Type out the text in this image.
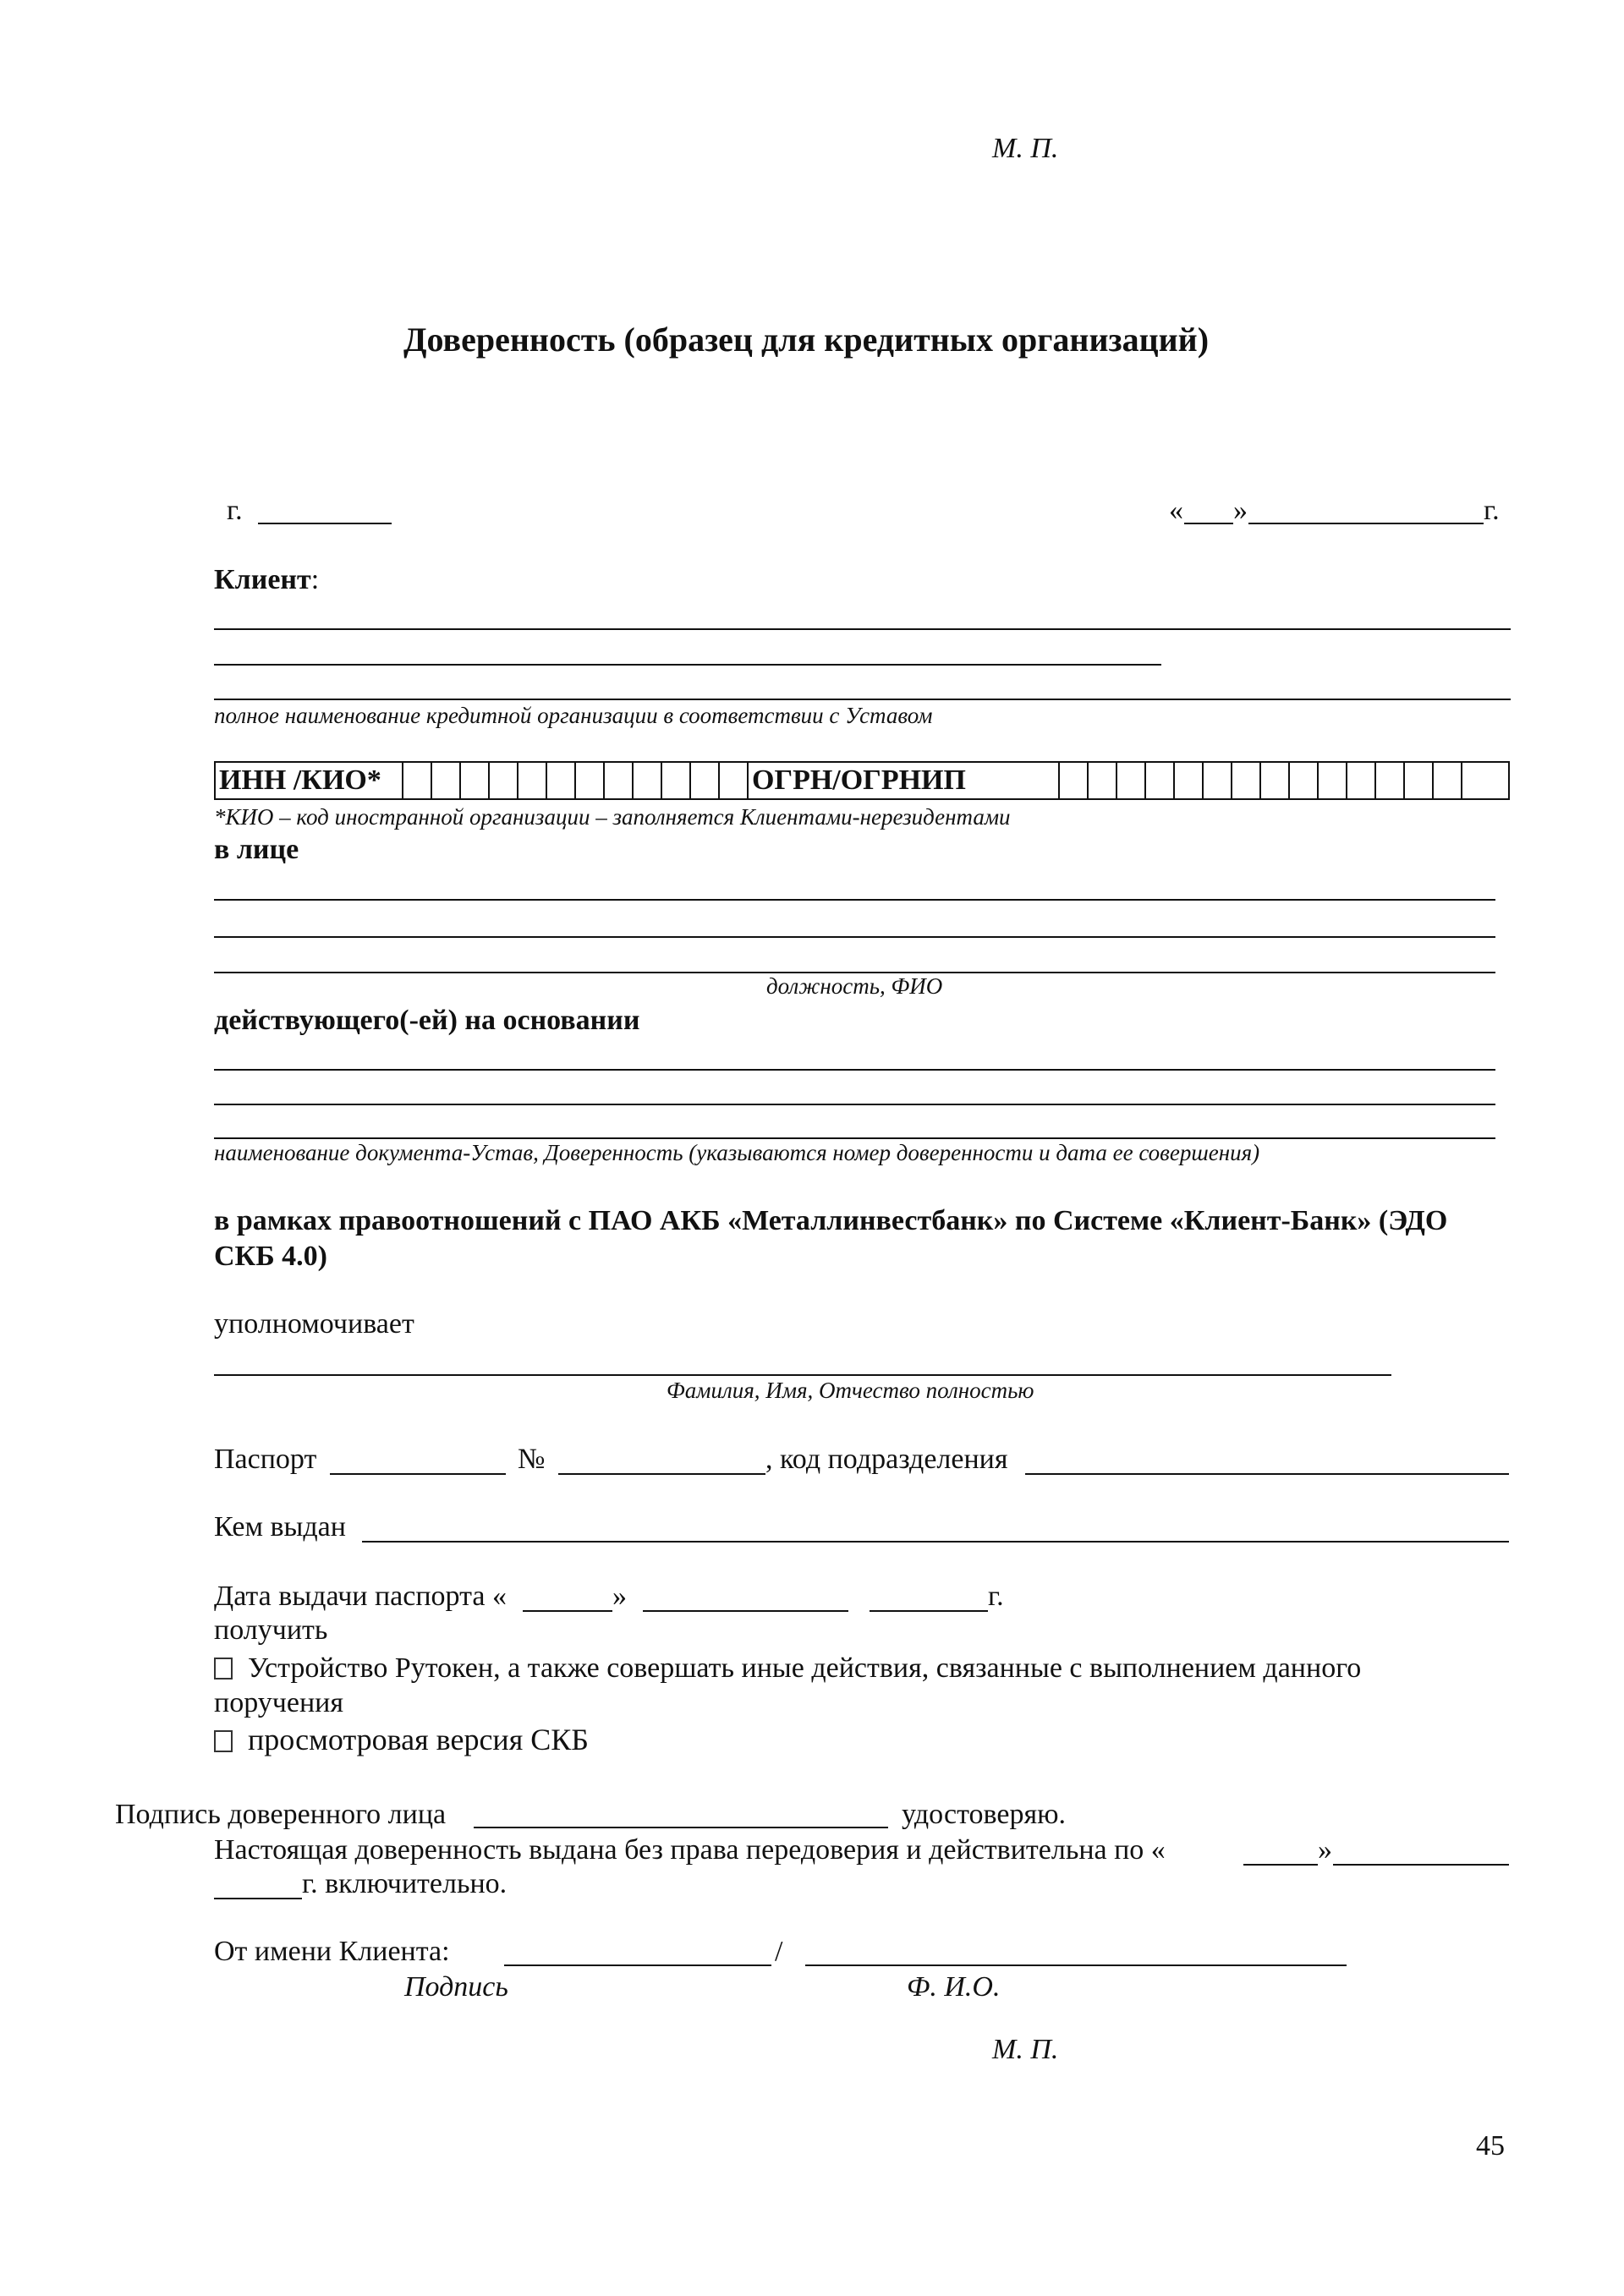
М. П.
Доверенность (образец для кредитных организаций)
г.	« »	г.
Клиент:
полное наименование кредитной организации в соответствии с Уставом
ИНН /КИО*	ОГРН/ОГРНИП
*КИО – код иностранной организации – заполняется Клиентами-нерезидентами
в лице
должность, ФИО
действующего(-ей) на основании
наименование документа-Устав, Доверенность (указываются номер доверенности и дата ее совершения)
в рамках правоотношений с ПАО АКБ «Металлинвестбанк» по Системе «Клиент-Банк» (ЭДО
СКБ 4.0)
уполномочивает
Фамилия, Имя, Отчество полностью
Паспорт	№	, код подразделения
Кем выдан
Дата выдачи паспорта «	»	г.
получить
Устройство Рутокен, а также совершать иные действия, связанные с выполнением данного
поручения
просмотровая версия СКБ
Подпись доверенного лица	удостоверяю.
Настоящая доверенность выдана без права передоверия и действительна по «	»
г. включительно.
От имени Клиента:	/
Подпись	Ф. И.О.
М. П.
45
